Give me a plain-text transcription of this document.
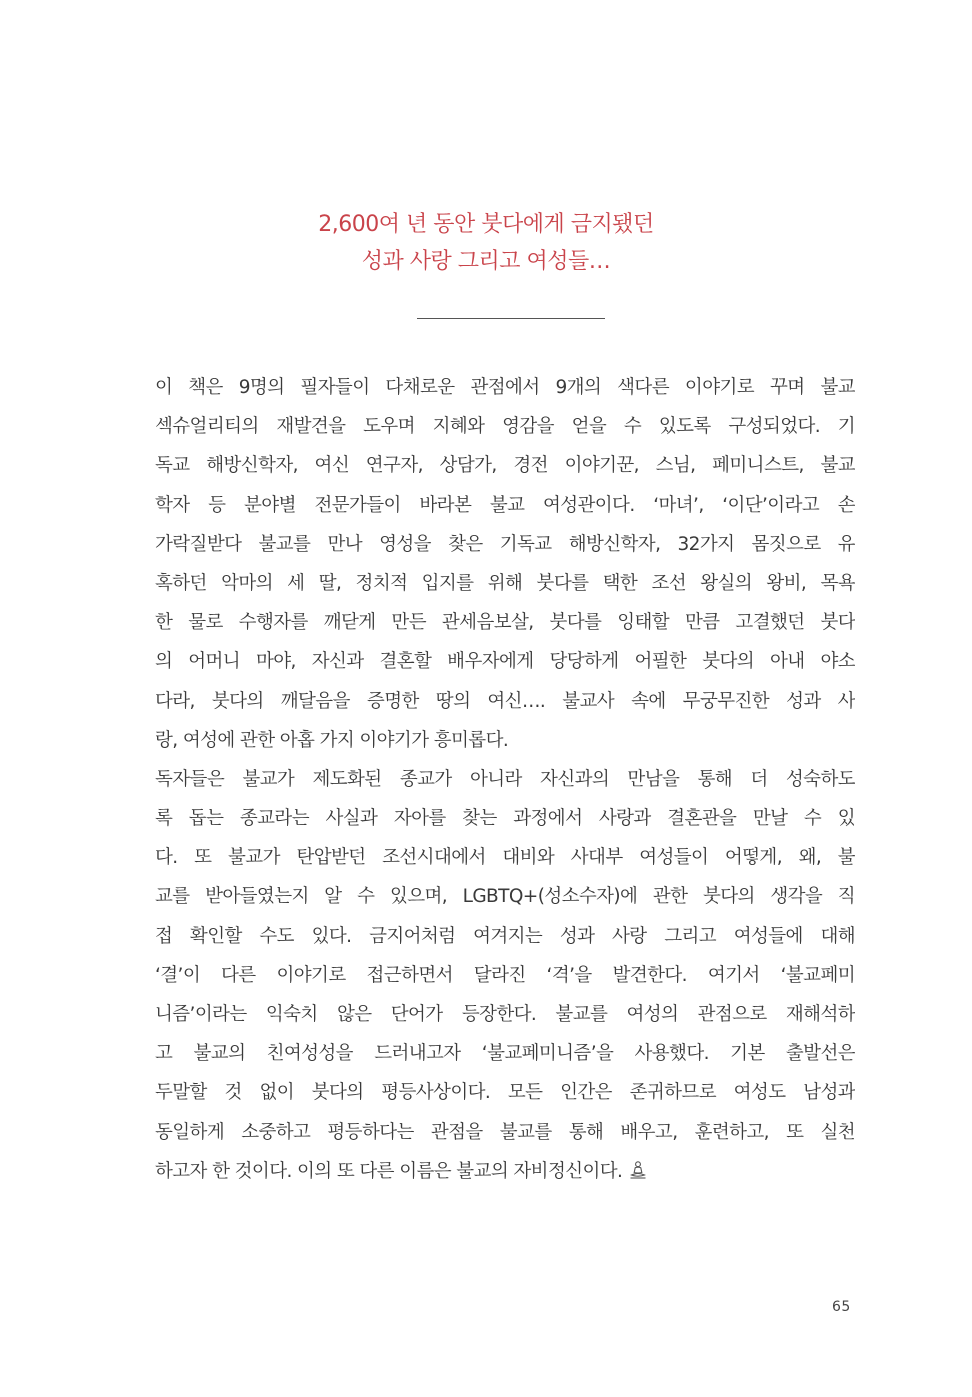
2,600여 년 동안 붓다에게 금지됐던
성과 사랑 그리고 여성들…
이 책은 9명의 필자들이 다채로운 관점에서 9개의 색다른 이야기로 꾸며 불교
섹슈얼리티의 재발견을 도우며 지혜와 영감을 얻을 수 있도록 구성되었다. 기
독교 해방신학자, 여신 연구자, 상담가, 경전 이야기꾼, 스님, 페미니스트, 불교
학자 등 분야별 전문가들이 바라본 불교 여성관이다. ‘마녀’, ‘이단’이라고 손
가락질받다 불교를 만나 영성을 찾은 기독교 해방신학자, 32가지 몸짓으로 유
혹하던 악마의 세 딸, 정치적 입지를 위해 붓다를 택한 조선 왕실의 왕비, 목욕
한 물로 수행자를 깨닫게 만든 관세음보살, 붓다를 잉태할 만큼 고결했던 붓다
의 어머니 마야, 자신과 결혼할 배우자에게 당당하게 어필한 붓다의 아내 야소
다라, 붓다의 깨달음을 증명한 땅의 여신…. 불교사 속에 무궁무진한 성과 사
랑, 여성에 관한 아홉 가지 이야기가 흥미롭다.
독자들은 불교가 제도화된 종교가 아니라 자신과의 만남을 통해 더 성숙하도
록 돕는 종교라는 사실과 자아를 찾는 과정에서 사랑과 결혼관을 만날 수 있
다. 또 불교가 탄압받던 조선시대에서 대비와 사대부 여성들이 어떻게, 왜, 불
교를 받아들였는지 알 수 있으며, LGBTQ+(성소수자)에 관한 붓다의 생각을 직
접 확인할 수도 있다. 금지어처럼 여겨지는 성과 사랑 그리고 여성들에 대해
‘결’이 다른 이야기로 접근하면서 달라진 ‘격’을 발견한다. 여기서 ‘불교페미
니즘’이라는 익숙치 않은 단어가 등장한다. 불교를 여성의 관점으로 재해석하
고 불교의 친여성성을 드러내고자 ‘불교페미니즘’을 사용했다. 기본 출발선은
두말할 것 없이 붓다의 평등사상이다. 모든 인간은 존귀하므로 여성도 남성과
동일하게 소중하고 평등하다는 관점을 불교를 통해 배우고, 훈련하고, 또 실천
하고자 한 것이다. 이의 또 다른 이름은 불교의 자비정신이다.
65
